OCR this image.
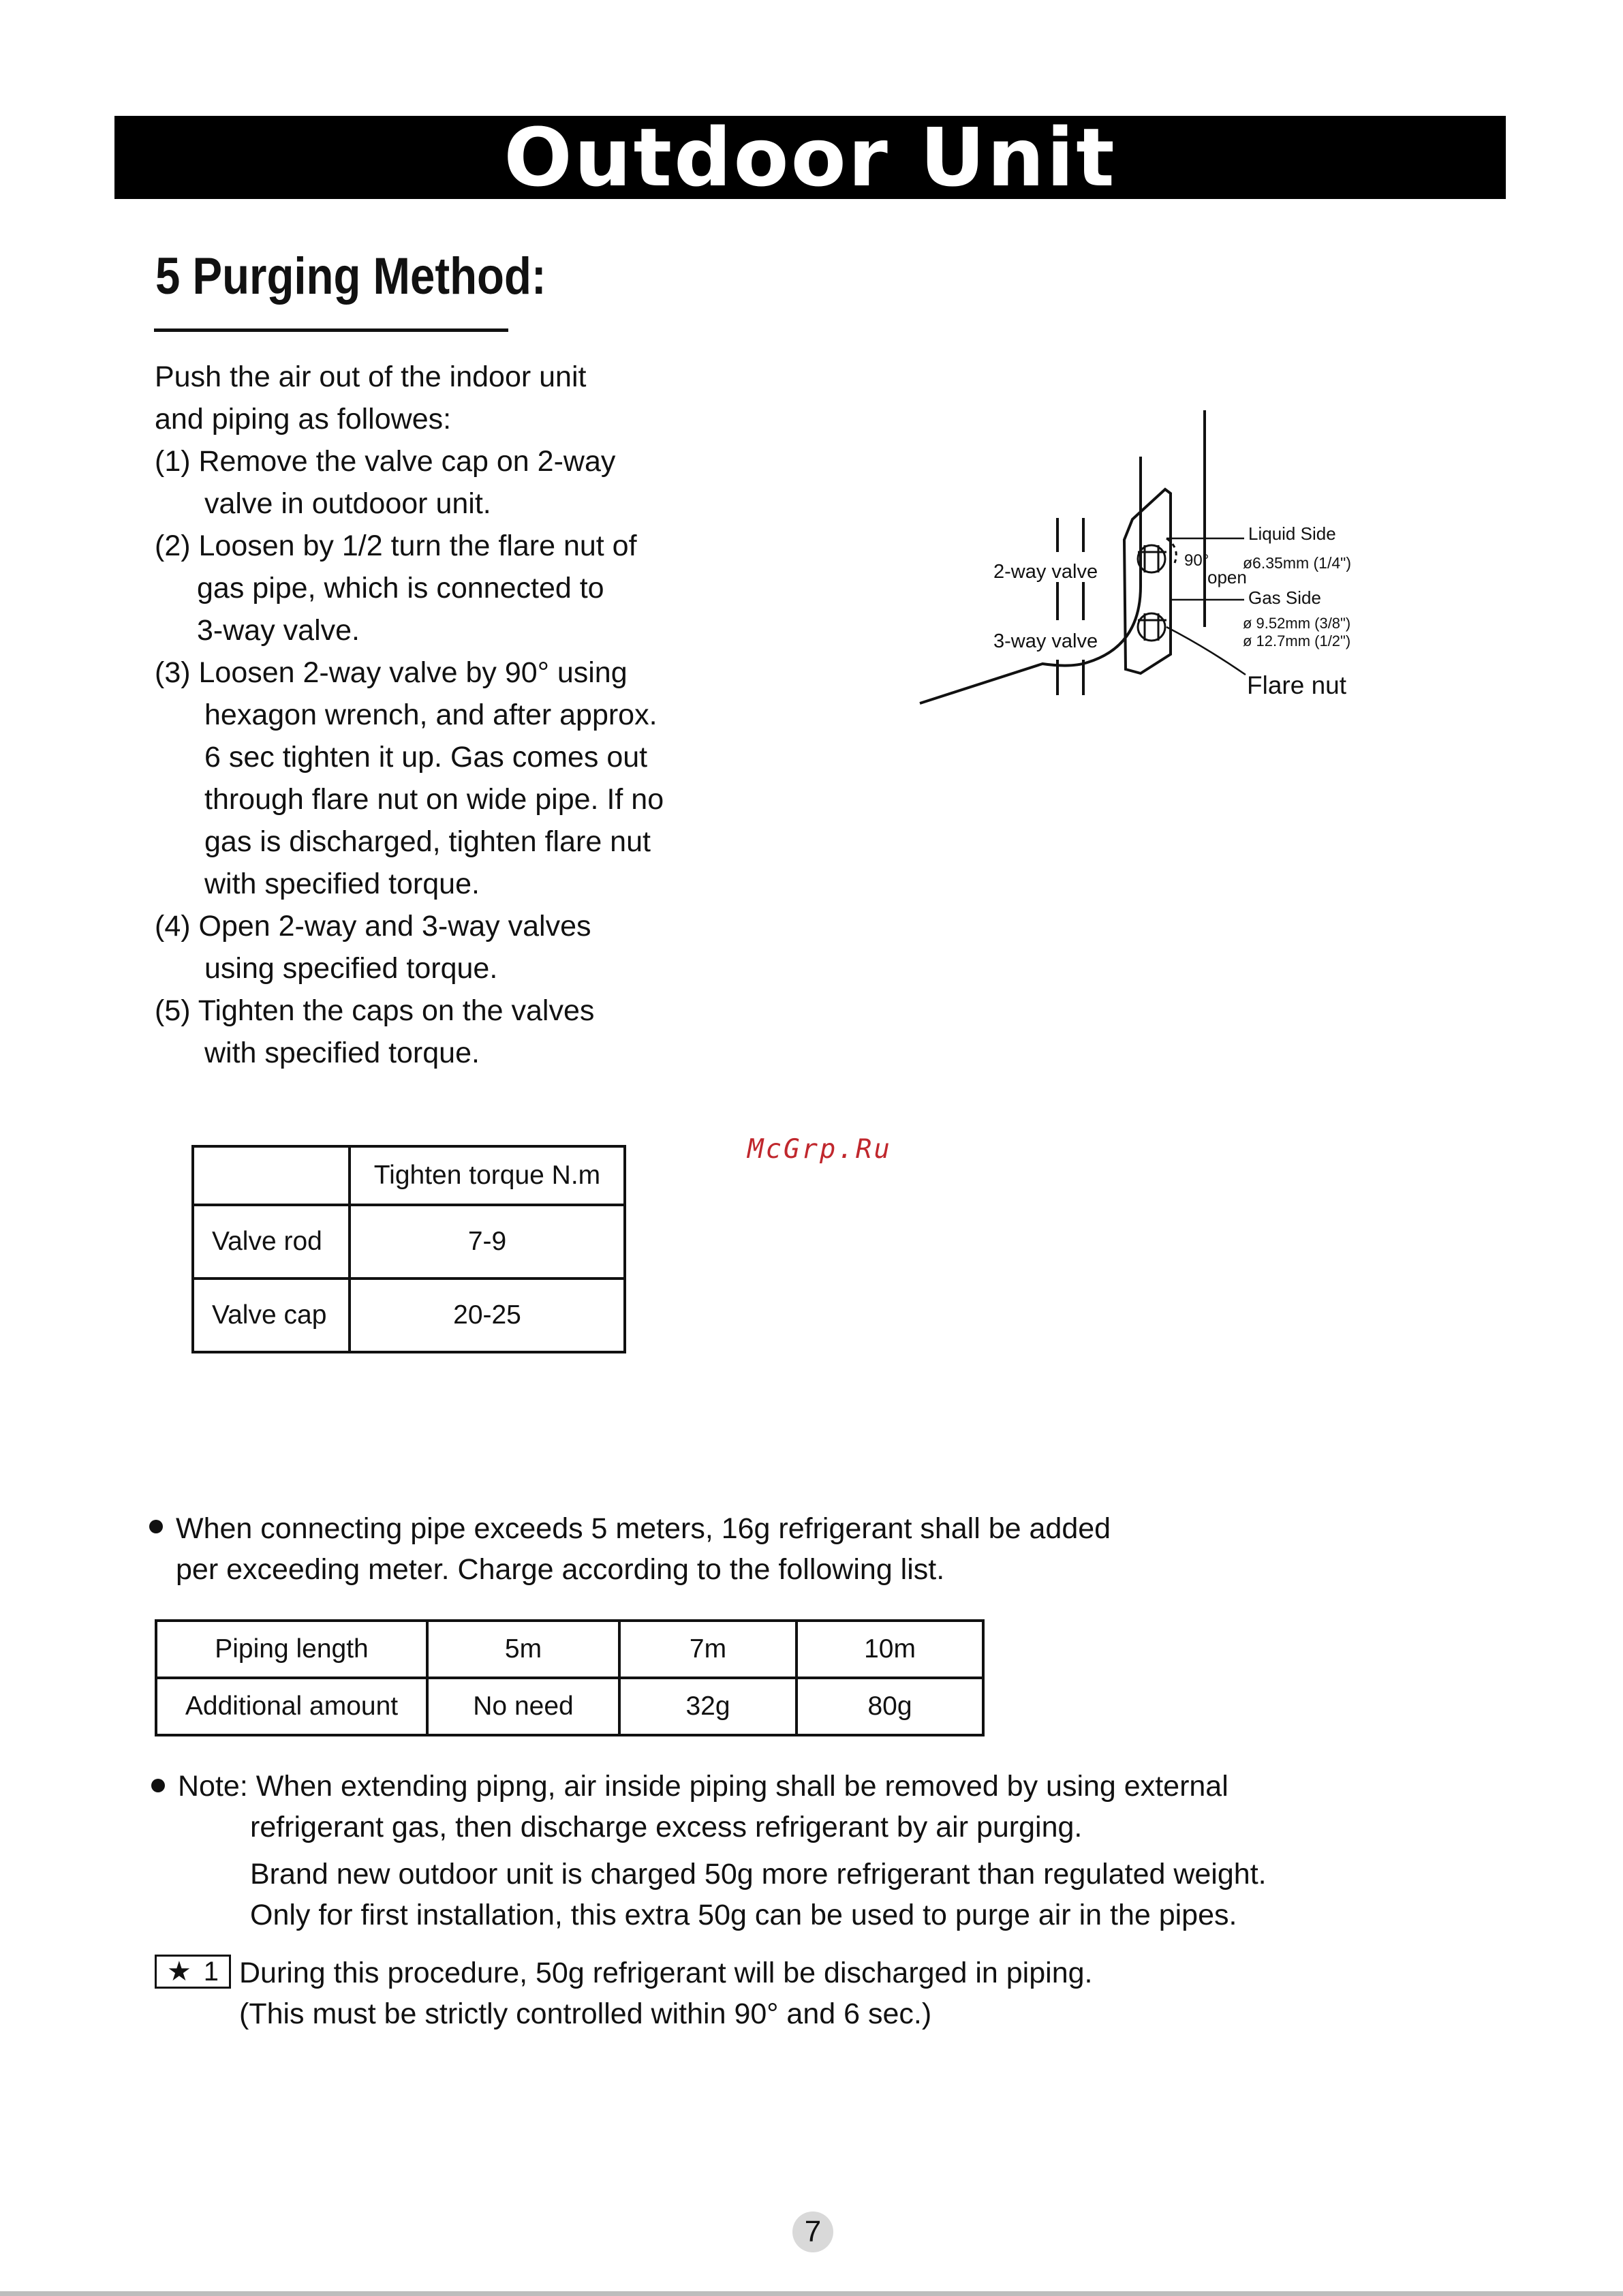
Outdoor Unit
5 Purging Method:
Push the air out of the indoor unit
and piping as followes:
(1) Remove the valve cap on 2-way
valve in outdooor unit.
(2) Loosen by 1/2 turn the flare nut of
gas pipe, which is connected to
3-way valve.
(3) Loosen 2-way valve by 90° using
hexagon wrench, and after approx.
6 sec tighten it up. Gas comes out
through flare nut on wide pipe. If no
gas is discharged, tighten flare nut
with specified torque.
(4) Open 2-way and 3-way valves
using specified torque.
(5) Tighten the caps on the valves
with specified torque.
2-way valve
3-way valve
Liquid Side
ø6.35mm (1/4")
90°
open
Gas Side
ø 9.52mm (3/8")
ø 12.7mm (1/2")
Flare nut
McGrp.Ru
	Tighten torque N.m
Valve rod	7-9
Valve cap	20-25
When connecting pipe exceeds 5 meters, 16g refrigerant shall be added
per exceeding meter. Charge according to the following list.
Piping length	5m	7m	10m
Additional amount	No need	32g	80g
Note: When extending pipng, air inside piping shall be removed by using external
refrigerant gas, then discharge excess refrigerant by air purging.
Brand new outdoor unit is charged 50g more refrigerant than regulated weight.
Only for first installation, this extra 50g can be used to purge air in the pipes.
★ 1 During this procedure, 50g refrigerant will be discharged in piping.
(This must be strictly controlled within 90° and 6 sec.)
7
